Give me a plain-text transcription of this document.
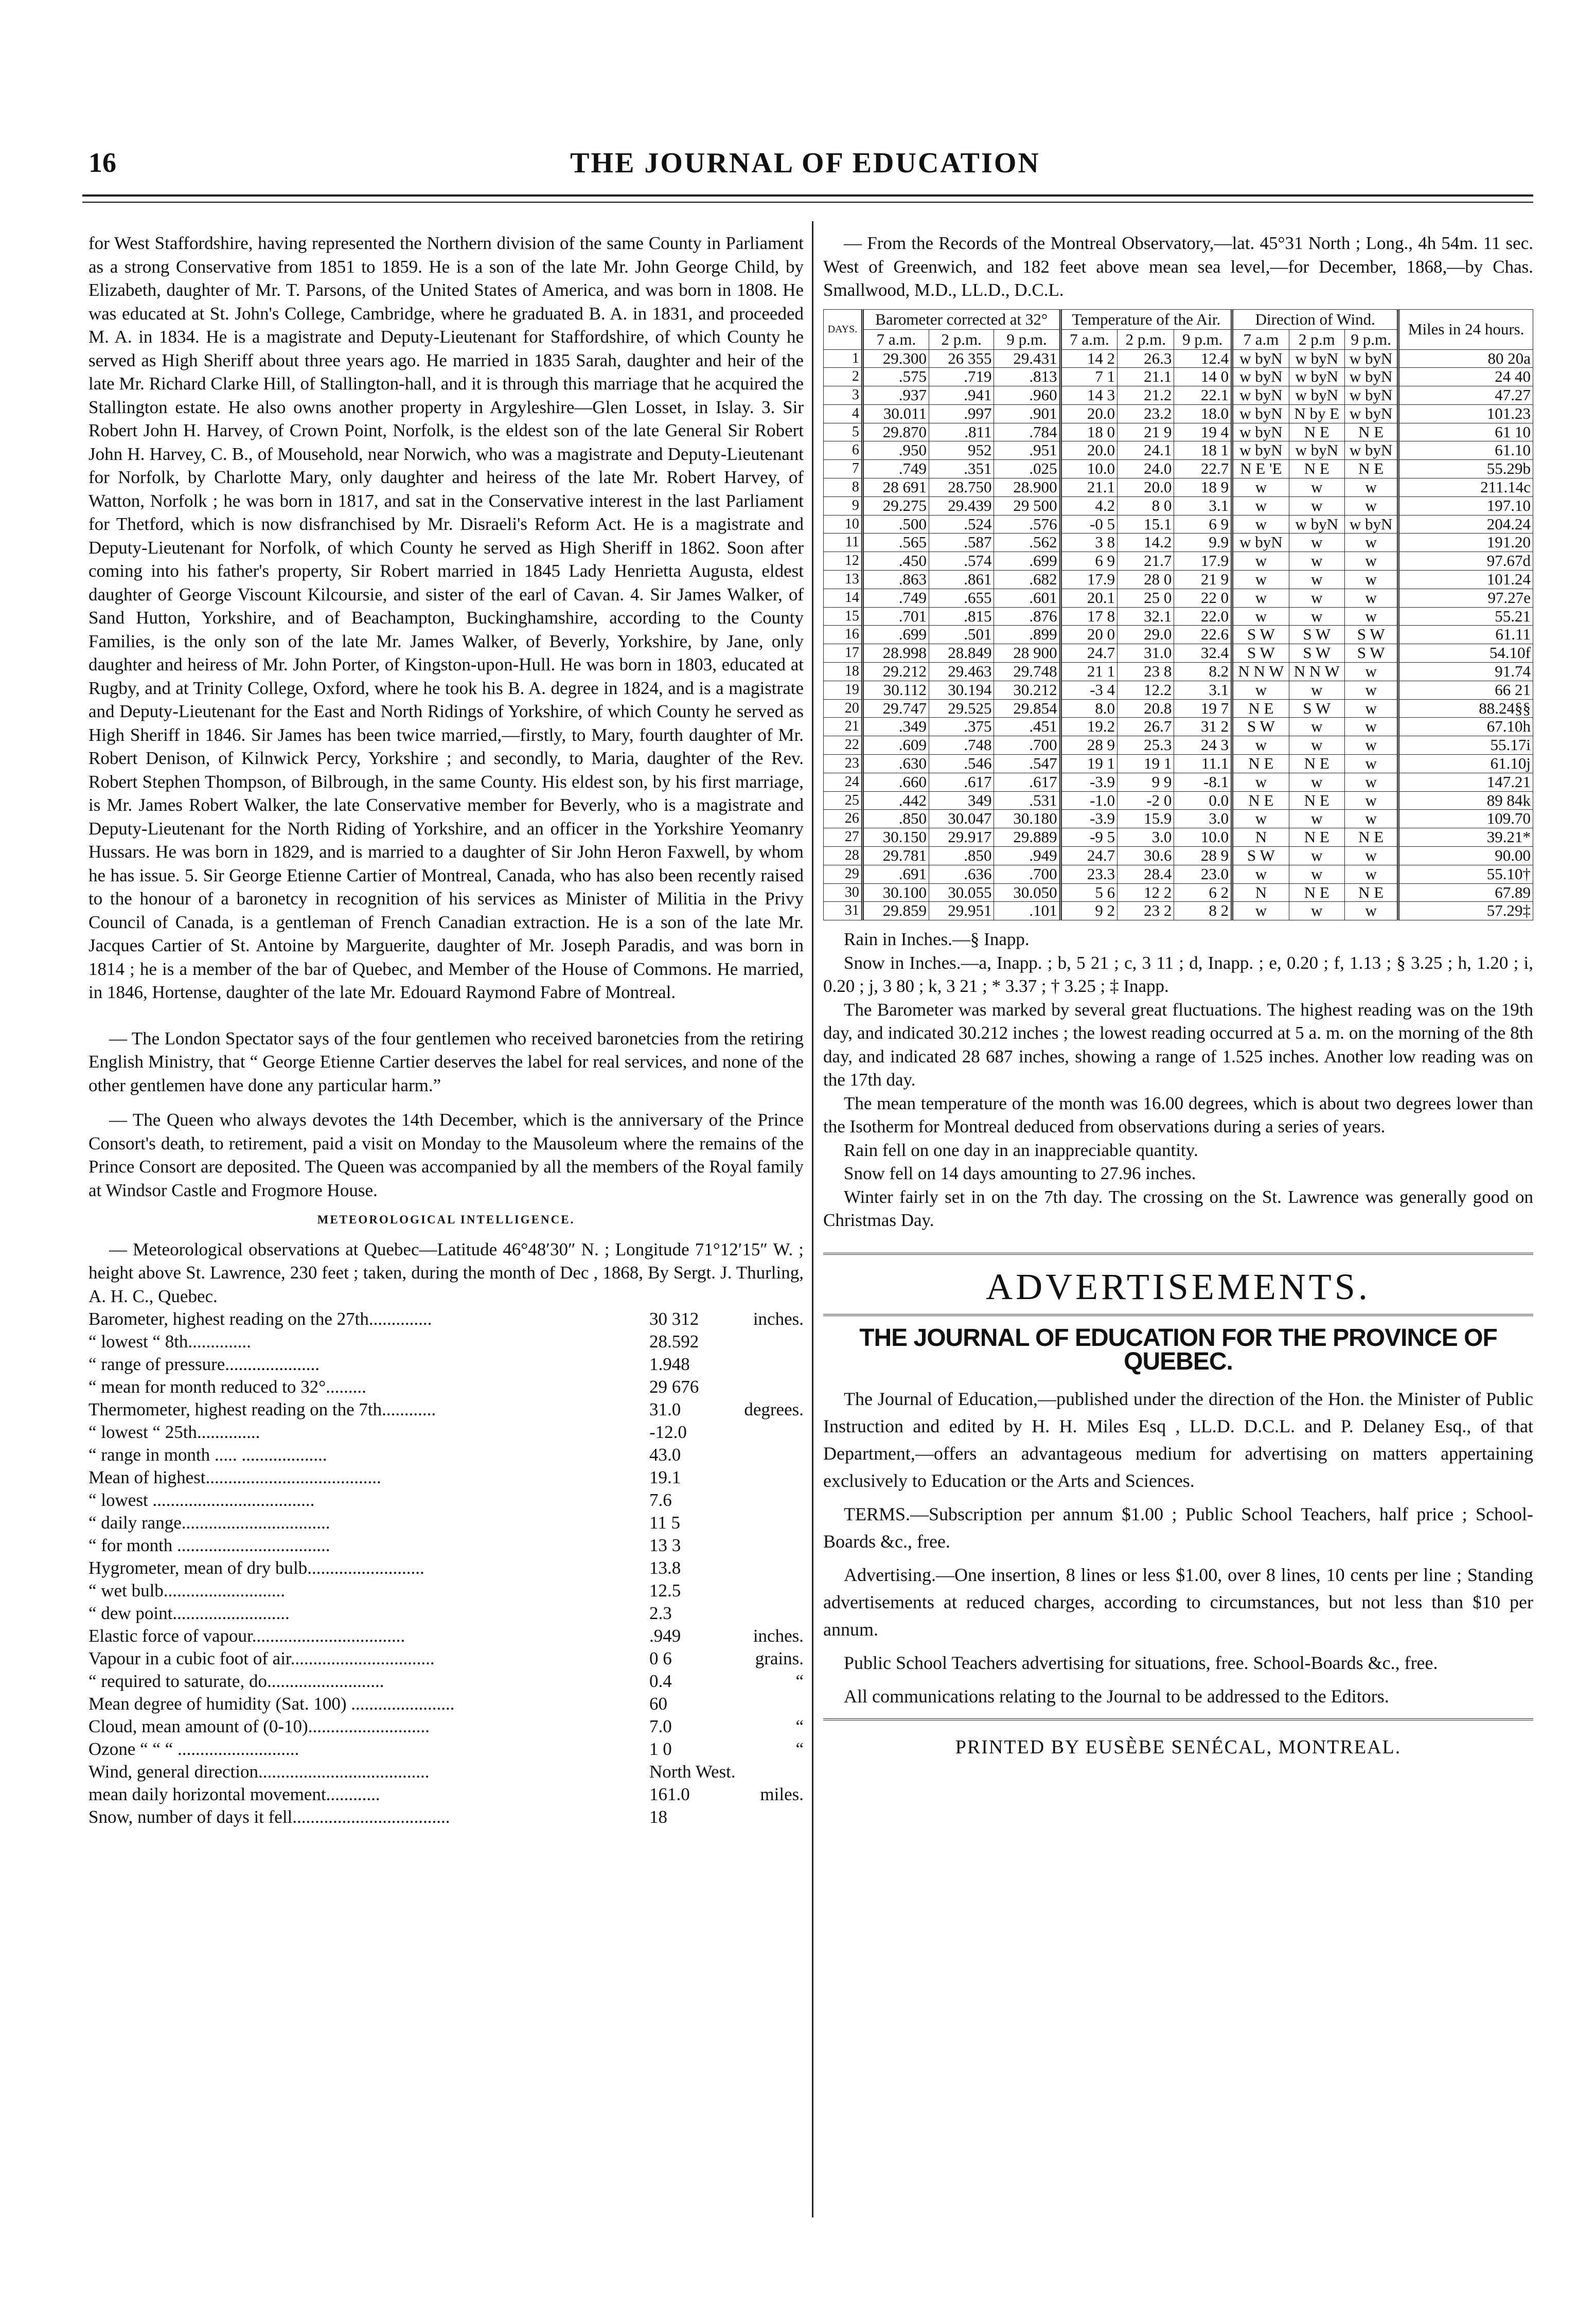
16	THE JOURNAL OF EDUCATION

for West Staffordshire, having represented the Northern division of the same County in Parliament as a strong Conservative from 1851 to 1859. He is a son of the late Mr. John George Child, by Elizabeth, daughter of Mr. T. Parsons, of the United States of America, and was born in 1808. He was educated at St. John's College, Cambridge, where he graduated B. A. in 1831, and proceeded M. A. in 1834. He is a magistrate and Deputy-Lieutenant for Staffordshire, of which County he served as High Sheriff about three years ago. He married in 1835 Sarah, daughter and heir of the late Mr. Richard Clarke Hill, of Stallington-hall, and it is through this marriage that he acquired the Stallington estate. He also owns another property in Argyleshire—Glen Losset, in Islay. 3. Sir Robert John H. Harvey, of Crown Point, Norfolk, is the eldest son of the late General Sir Robert John H. Harvey, C. B., of Mousehold, near Norwich, who was a magistrate and Deputy-Lieutenant for Norfolk, by Charlotte Mary, only daughter and heiress of the late Mr. Robert Harvey, of Watton, Norfolk ; he was born in 1817, and sat in the Conservative interest in the last Parliament for Thetford, which is now disfranchised by Mr. Disraeli's Reform Act. He is a magistrate and Deputy-Lieutenant for Norfolk, of which County he served as High Sheriff in 1862. Soon after coming into his father's property, Sir Robert married in 1845 Lady Henrietta Augusta, eldest daughter of George Viscount Kilcoursie, and sister of the earl of Cavan. 4. Sir James Walker, of Sand Hutton, Yorkshire, and of Beachampton, Buckinghamshire, according to the County Families, is the only son of the late Mr. James Walker, of Beverly, Yorkshire, by Jane, only daughter and heiress of Mr. John Porter, of Kingston-upon-Hull. He was born in 1803, educated at Rugby, and at Trinity College, Oxford, where he took his B. A. degree in 1824, and is a magistrate and Deputy-Lieutenant for the East and North Ridings of Yorkshire, of which County he served as High Sheriff in 1846. Sir James has been twice married,—firstly, to Mary, fourth daughter of Mr. Robert Denison, of Kilnwick Percy, Yorkshire ; and secondly, to Maria, daughter of the Rev. Robert Stephen Thompson, of Bilbrough, in the same County. His eldest son, by his first marriage, is Mr. James Robert Walker, the late Conservative member for Beverly, who is a magistrate and Deputy-Lieutenant for the North Riding of Yorkshire, and an officer in the Yorkshire Yeomanry Hussars. He was born in 1829, and is married to a daughter of Sir John Heron Faxwell, by whom he has issue. 5. Sir George Etienne Cartier of Montreal, Canada, who has also been recently raised to the honour of a baronetcy in recognition of his services as Minister of Militia in the Privy Council of Canada, is a gentleman of French Canadian extraction. He is a son of the late Mr. Jacques Cartier of St. Antoine by Marguerite, daughter of Mr. Joseph Paradis, and was born in 1814 ; he is a member of the bar of Quebec, and Member of the House of Commons. He married, in 1846, Hortense, daughter of the late Mr. Edouard Raymond Fabre of Montreal.

— The London Spectator says of the four gentlemen who received baronetcies from the retiring English Ministry, that “ George Etienne Cartier deserves the label for real services, and none of the other gentlemen have done any particular harm.”

— The Queen who always devotes the 14th December, which is the anniversary of the Prince Consort's death, to retirement, paid a visit on Monday to the Mausoleum where the remains of the Prince Consort are deposited. The Queen was accompanied by all the members of the Royal family at Windsor Castle and Frogmore House.

METEOROLOGICAL INTELLIGENCE.

— Meteorological observations at Quebec—Latitude 46°48′30″ N. ; Longitude 71°12′15″ W. ; height above St. Lawrence, 230 feet ; taken, during the month of Dec , 1868, By Sergt. J. Thurling, A. H. C., Quebec.

Barometer, highest reading on the 27th..............	30 312	inches.
“ lowest “ 8th..............	28.592	
“ range of pressure.....................	1.948	
“ mean for month reduced to 32°.........	29 676	
Thermometer, highest reading on the 7th............	31.0	degrees.
“ lowest “ 25th..............	-12.0	
“ range in month ..... ...................	43.0	
Mean of highest.......................................	19.1	
“ lowest ....................................	7.6	
“ daily range.................................	11 5	
“ for month ..................................	13 3	
Hygrometer, mean of dry bulb..........................	13.8	
“ wet bulb...........................	12.5	
“ dew point..........................	2.3	
Elastic force of vapour..................................	.949	inches.
Vapour in a cubic foot of air................................	0 6	grains.
“ required to saturate, do..........................	0.4	“
Mean degree of humidity (Sat. 100) .......................	60	
Cloud, mean amount of (0-10)...........................	7.0	“
Ozone “ “ “ ...........................	1 0	“
Wind, general direction......................................	North West.	
mean daily horizontal movement............	161.0	miles.
Snow, number of days it fell...................................	18	

— From the Records of the Montreal Observatory,—lat. 45°31 North ; Long., 4h 54m. 11 sec. West of Greenwich, and 182 feet above mean sea level,—for December, 1868,—by Chas. Smallwood, M.D., LL.D., D.C.L.

DAYS.	Barometer corrected at 32°			Temperature of the Air.			Direction of Wind.			Miles in 24 hours.
	7 a.m.	2 p.m.	9 p.m.	7 a.m.	2 p.m.	9 p.m.	7 a.m	2 p.m	9 p.m.	
1	29.300	26 355	29.431	14 2	26.3	12.4	w byN	w byN	w byN	80 20a
2	.575	.719	.813	7 1	21.1	14 0	w byN	w byN	w byN	24 40
3	.937	.941	.960	14 3	21.2	22.1	w byN	w byN	w byN	47.27
4	30.011	.997	.901	20.0	23.2	18.0	w byN	N by E	w byN	101.23
5	29.870	.811	.784	18 0	21 9	19 4	w byN	N E	N E	61 10
6	.950	952	.951	20.0	24.1	18 1	w byN	w byN	w byN	61.10
7	.749	.351	.025	10.0	24.0	22.7	N E 'E	N E	N E	55.29b
8	28 691	28.750	28.900	21.1	20.0	18 9	w	w	w	211.14c
9	29.275	29.439	29 500	4.2	8 0	3.1	w	w	w	197.10
10	.500	.524	.576	-0 5	15.1	6 9	w	w byN	w byN	204.24
11	.565	.587	.562	3 8	14.2	9.9	w byN	w	w	191.20
12	.450	.574	.699	6 9	21.7	17.9	w	w	w	97.67d
13	.863	.861	.682	17.9	28 0	21 9	w	w	w	101.24
14	.749	.655	.601	20.1	25 0	22 0	w	w	w	97.27e
15	.701	.815	.876	17 8	32.1	22.0	w	w	w	55.21
16	.699	.501	.899	20 0	29.0	22.6	S W	S W	S W	61.11
17	28.998	28.849	28 900	24.7	31.0	32.4	S W	S W	S W	54.10f
18	29.212	29.463	29.748	21 1	23 8	8.2	N N W	N N W	w	91.74
19	30.112	30.194	30.212	-3 4	12.2	3.1	w	w	w	66 21
20	29.747	29.525	29.854	8.0	20.8	19 7	N E	S W	w	88.24§§
21	.349	.375	.451	19.2	26.7	31 2	S W	w	w	67.10h
22	.609	.748	.700	28 9	25.3	24 3	w	w	w	55.17i
23	.630	.546	.547	19 1	19 1	11.1	N E	N E	w	61.10j
24	.660	.617	.617	-3.9	9 9	-8.1	w	w	w	147.21
25	.442	349	.531	-1.0	-2 0	0.0	N E	N E	w	89 84k
26	.850	30.047	30.180	-3.9	15.9	3.0	w	w	w	109.70
27	30.150	29.917	29.889	-9 5	3.0	10.0	N	N E	N E	39.21*
28	29.781	.850	.949	24.7	30.6	28 9	S W	w	w	90.00
29	.691	.636	.700	23.3	28.4	23.0	w	w	w	55.10†
30	30.100	30.055	30.050	5 6	12 2	6 2	N	N E	N E	67.89
31	29.859	29.951	.101	9 2	23 2	8 2	w	w	w	57.29‡

Rain in Inches.—§ Inapp.

Snow in Inches.—a, Inapp. ; b, 5 21 ; c, 3 11 ; d, Inapp. ; e, 0.20 ; f, 1.13 ; § 3.25 ; h, 1.20 ; i, 0.20 ; j, 3 80 ; k, 3 21 ; * 3.37 ; † 3.25 ; ‡ Inapp.

The Barometer was marked by several great fluctuations. The highest reading was on the 19th day, and indicated 30.212 inches ; the lowest reading occurred at 5 a. m. on the morning of the 8th day, and indicated 28 687 inches, showing a range of 1.525 inches. Another low reading was on the 17th day.

The mean temperature of the month was 16.00 degrees, which is about two degrees lower than the Isotherm for Montreal deduced from observations during a series of years.

Rain fell on one day in an inappreciable quantity.

Snow fell on 14 days amounting to 27.96 inches.

Winter fairly set in on the 7th day. The crossing on the St. Lawrence was generally good on Christmas Day.

ADVERTISEMENTS.
THE JOURNAL OF EDUCATION FOR THE PROVINCE OF QUEBEC.

The Journal of Education,—published under the direction of the Hon. the Minister of Public Instruction and edited by H. H. Miles Esq , LL.D. D.C.L. and P. Delaney Esq., of that Department,—offers an advantageous medium for advertising on matters appertaining exclusively to Education or the Arts and Sciences.

TERMS.—Subscription per annum $1.00 ; Public School Teachers, half price ; School-Boards &c., free.

Advertising.—One insertion, 8 lines or less $1.00, over 8 lines, 10 cents per line ; Standing advertisements at reduced charges, according to circumstances, but not less than $10 per annum.

Public School Teachers advertising for situations, free. School-Boards &c., free.

All communications relating to the Journal to be addressed to the Editors.

PRINTED BY EUSÈBE SENÉCAL, MONTREAL.
